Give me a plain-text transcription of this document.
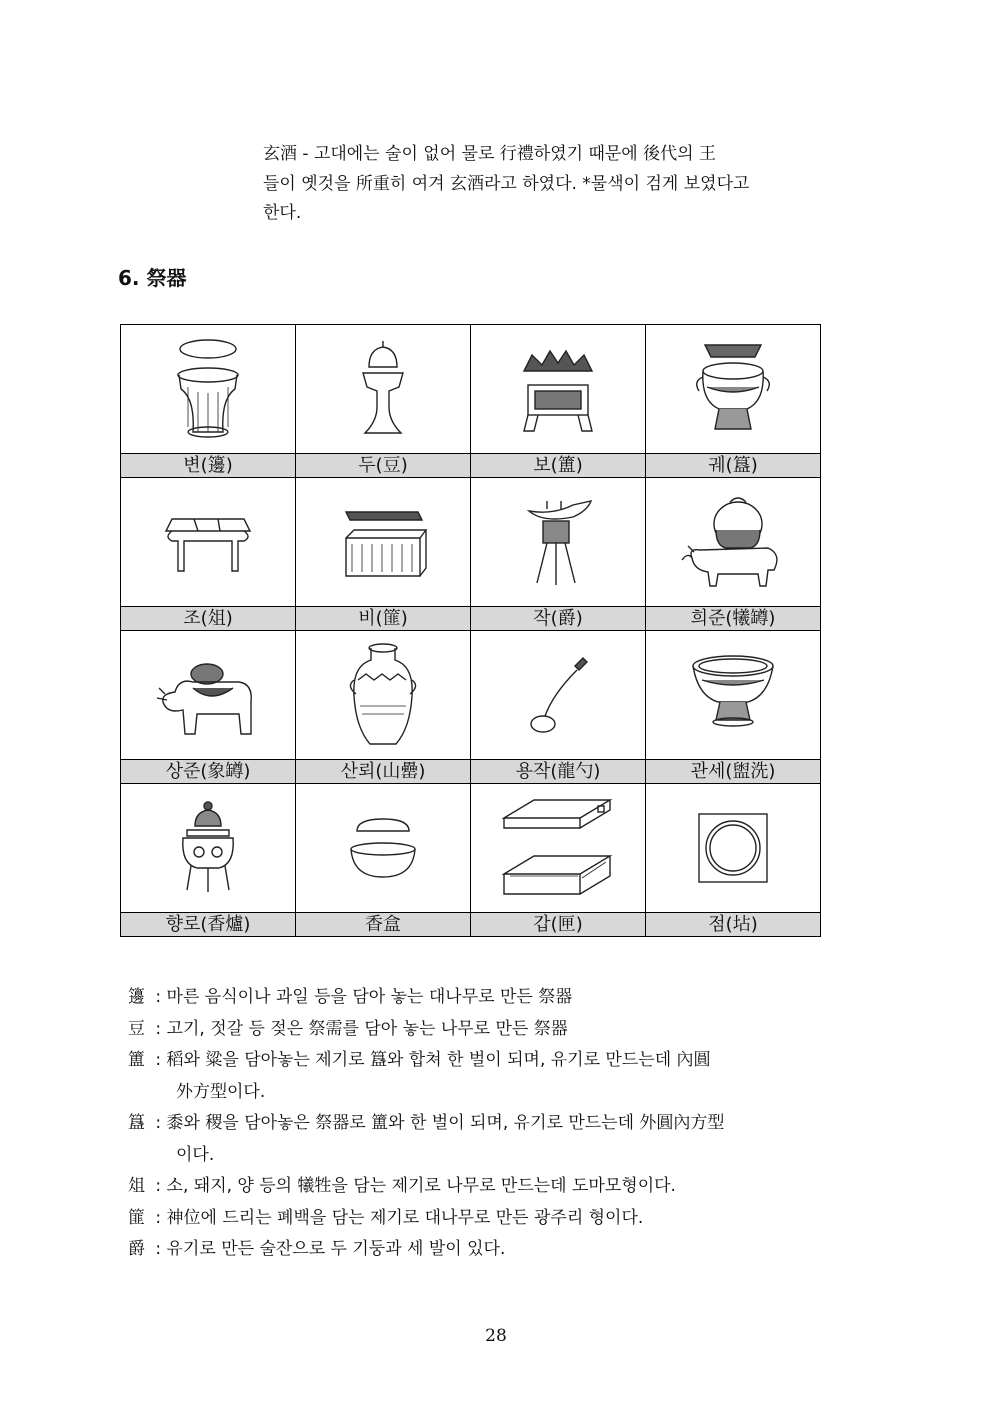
玄酒 - 고대에는 술이 없어 물로 行禮하였기 때문에 後代의 王
들이 옛것을 所重히 여겨 玄酒라고 하였다. *물색이 검게 보였다고
한다.
6. 祭器

변(籩)	두(豆)	보(簠)	궤(簋)

조(俎)	비(篚)	작(爵)	희준(犧罇)

상준(象罇)	산뢰(山罍)	용작(龍勺)	관세(盥洗)

향로(香爐)	香盒	갑(匣)	점(坫)
籩 : 마른 음식이나 과일 등을 담아 놓는 대나무로 만든 祭器
豆 : 고기, 젓갈 등 젖은 祭需를 담아 놓는 나무로 만든 祭器
簠 : 稻와 粱을 담아놓는 제기로 簋와 합쳐 한 벌이 되며, 유기로 만드는데 內圓
外方型이다.
簋 : 黍와 稷을 담아놓은 祭器로 簠와 한 벌이 되며, 유기로 만드는데 外圓內方型
이다.
俎 : 소, 돼지, 양 등의 犧牲을 담는 제기로 나무로 만드는데 도마모형이다.
篚 : 神位에 드리는 폐백을 담는 제기로 대나무로 만든 광주리 형이다.
爵 : 유기로 만든 술잔으로 두 기둥과 세 발이 있다.
28
